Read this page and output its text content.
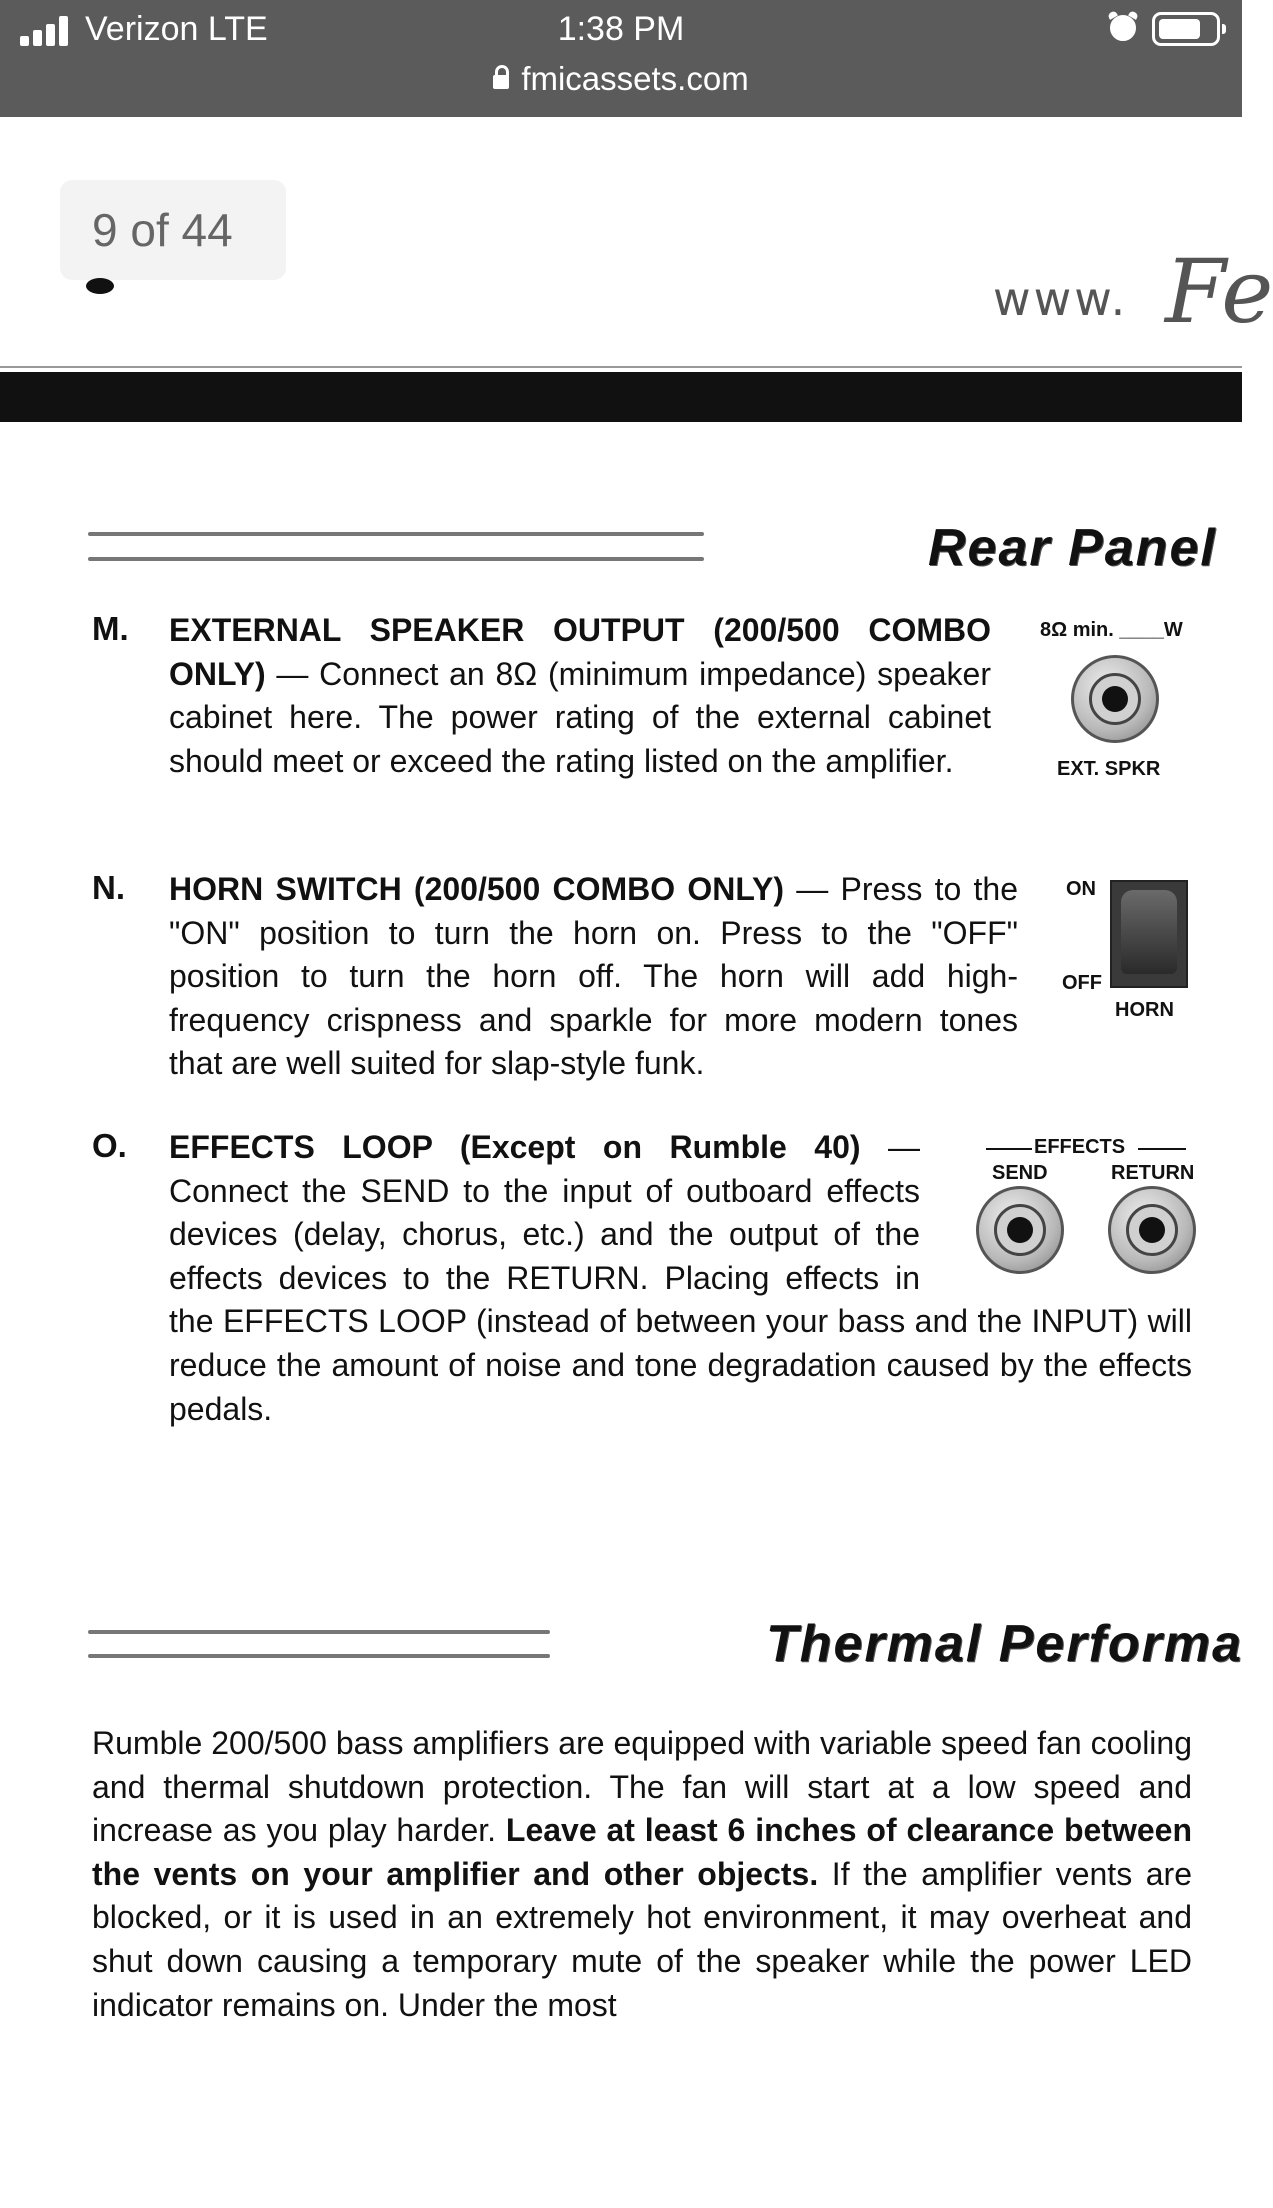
Verizon LTE	1:38 PM
fmicassets.com
9 of 44
www. Fe
Rear Panel
M. EXTERNAL SPEAKER OUTPUT (200/500 COMBO ONLY) — Connect an 8Ω (minimum impedance) speaker cabinet here. The power rating of the external cabinet should meet or exceed the rating listed on the amplifier.
N. HORN SWITCH (200/500 COMBO ONLY) — Press to the "ON" position to turn the horn on. Press to the "OFF" position to turn the horn off. The horn will add high-frequency crispness and sparkle for more modern tones that are well suited for slap-style funk.
O. EFFECTS LOOP (Except on Rumble 40) — Connect the SEND to the input of outboard effects devices (delay, chorus, etc.) and the output of the effects devices to the RETURN. Placing effects in the EFFECTS LOOP (instead of between your bass and the INPUT) will reduce the amount of noise and tone degradation caused by the effects pedals.
8Ω min. ____W
EXT. SPKR
ON
OFF
HORN
EFFECTS
SEND	RETURN
Thermal Performa
Rumble 200/500 bass amplifiers are equipped with variable speed fan cooling and thermal shutdown protection. The fan will start at a low speed and increase as you play harder. Leave at least 6 inches of clearance between the vents on your amplifier and other objects. If the amplifier vents are blocked, or it is used in an extremely hot environment, it may overheat and shut down causing a temporary mute of the speaker while the power LED indicator remains on. Under the most
